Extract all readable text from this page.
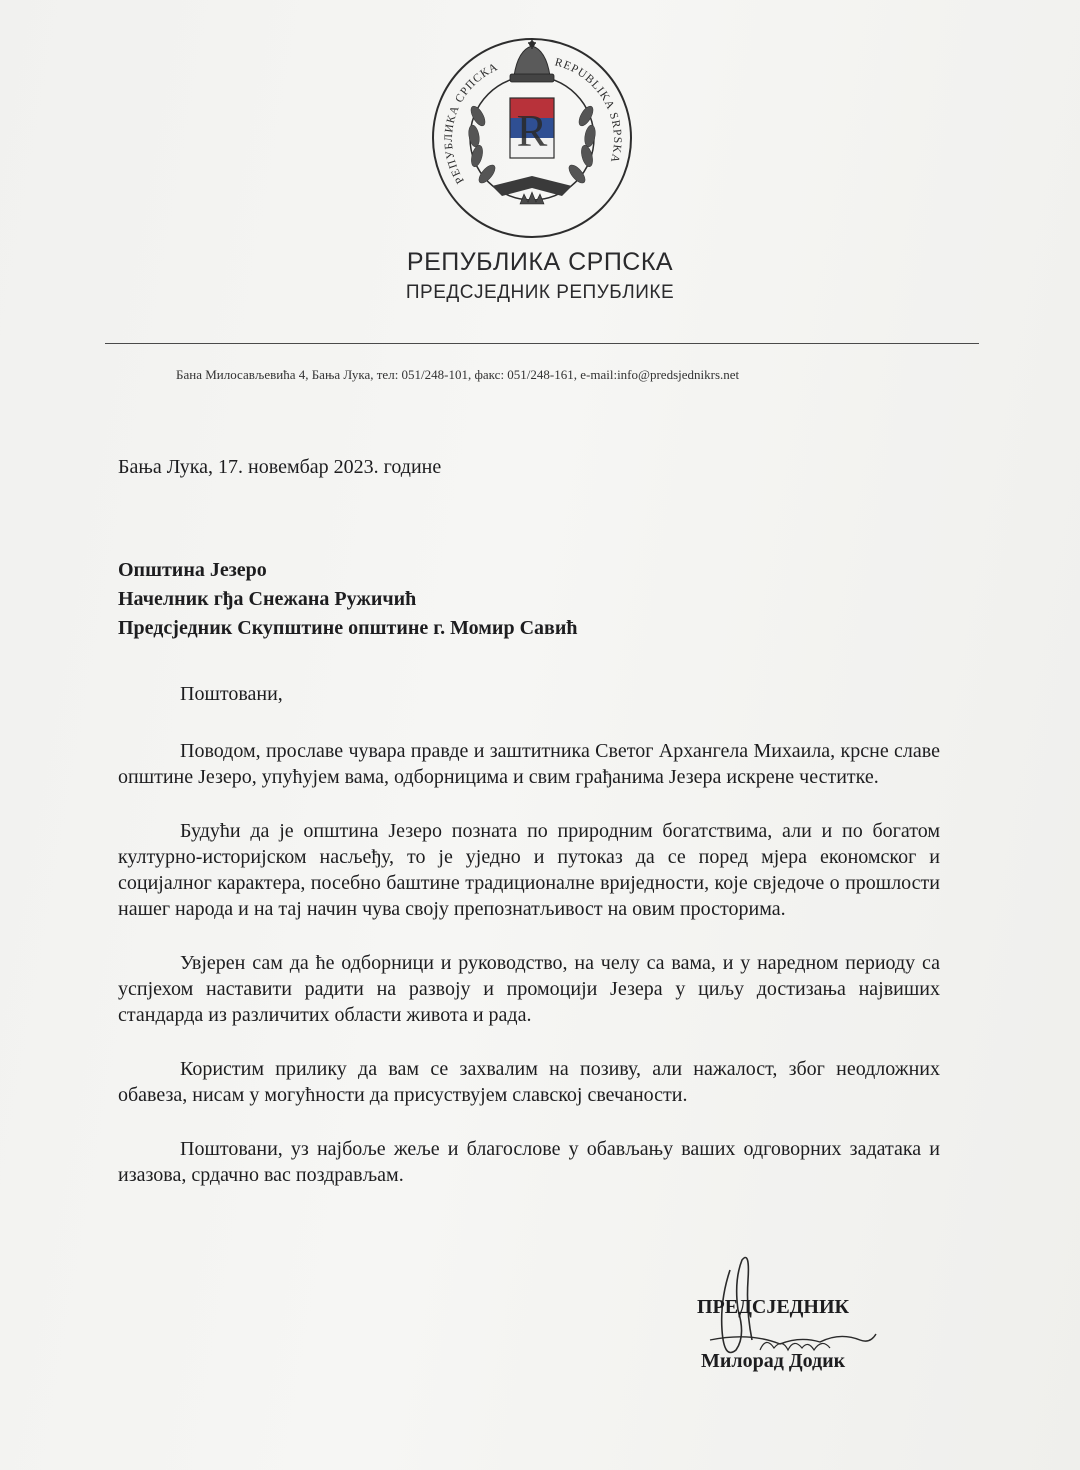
РЕПУБЛИКА СРПСКА	REPUBLIKA SRPSKA
R
РЕПУБЛИКА СРПСКА
ПРЕДСЈЕДНИК РЕПУБЛИКЕ
Бана Милосављевића 4, Бања Лука, тел: 051/248-101, факс: 051/248-161, e-mail:info@predsjednikrs.net
Бања Лука, 17. новембар 2023. године
Општина Језеро
Начелник гђа Снежана Ружичић
Предсједник Скупштине општине г. Момир Савић
Поштовани,

Поводом, прославе чувара правде и заштитника Светог Архангела Михаила, крсне славе општине Језеро, упућујем вама, одборницима и свим грађанима Језера искрене честитке.

Будући да је општина Језеро позната по природним богатствима, али и по богатом културно-историјском насљеђу, то је уједно и путоказ да се поред мјера економског и социјалног карактера, посебно баштине традиционалне вриједности, које свједоче о прошлости нашег народа и на тај начин чува своју препознатљивост на овим просторима.

Увјерен сам да ће одборници и руководство, на челу са вама, и у наредном периоду са успјехом наставити радити на развоју и промоцији Језера у циљу достизања највиших стандарда из различитих области живота и рада.

Користим прилику да вам се захвалим на позиву, али нажалост, због неодложних обавеза, нисам у могућности да присуствујем славској свечаности.

Поштовани, уз најбоље жеље и благослове у обављању ваших одговорних задатака и изазова, срдачно вас поздрављам.

ПРЕДСЈЕДНИК
Милорад Додик
